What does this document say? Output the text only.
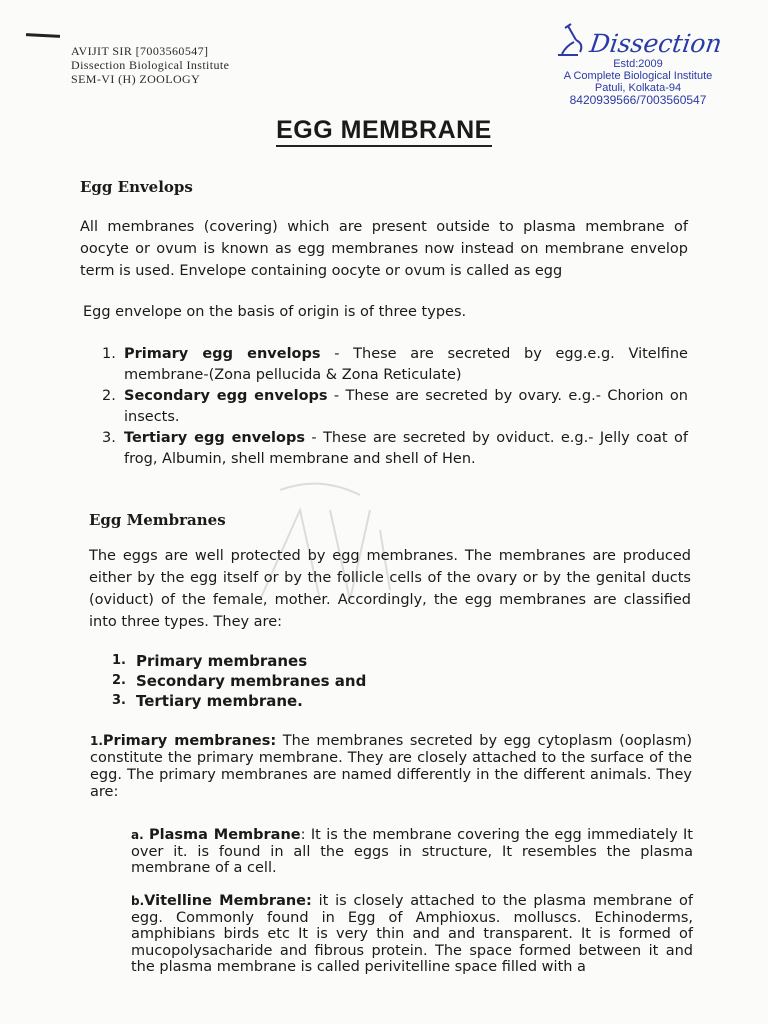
AVIJIT SIR [7003560547]
Dissection Biological Institute
SEM-VI (H) ZOOLOGY
Dissection
Estd:2009
A Complete Biological Institute
Patuli, Kolkata-94
8420939566/7003560547
EGG MEMBRANE
Egg Envelops
All membranes (covering) which are present outside to plasma membrane of oocyte or ovum is known as egg membranes now instead on membrane envelop term is used. Envelope containing oocyte or ovum is called as egg
Egg envelope on the basis of origin is of three types.
1. Primary egg envelops - These are secreted by egg.e.g. Vitelfine membrane-(Zona pellucida & Zona Reticulate)
2. Secondary egg envelops - These are secreted by ovary. e.g.- Chorion on insects.
3. Tertiary egg envelops - These are secreted by oviduct. e.g.- Jelly coat of frog, Albumin, shell membrane and shell of Hen.
Egg Membranes
The eggs are well protected by egg membranes. The membranes are produced either by the egg itself or by the follicle cells of the ovary or by the genital ducts (oviduct) of the female, mother. Accordingly, the egg membranes are classified into three types. They are:
1. Primary membranes
2. Secondary membranes and
3. Tertiary membrane.
1.Primary membranes: The membranes secreted by egg cytoplasm (ooplasm) constitute the primary membrane. They are closely attached to the surface of the egg. The primary membranes are named differently in the different animals. They are:
a. Plasma Membrane: It is the membrane covering the egg immediately It over it. is found in all the eggs in structure, It resembles the plasma membrane of a cell.
b.Vitelline Membrane: it is closely attached to the plasma membrane of egg. Commonly found in Egg of Amphioxus. molluscs. Echinoderms, amphibians birds etc It is very thin and and transparent. It is formed of mucopolysacharide and fibrous protein. The space formed between it and the plasma membrane is called perivitelline space filled with a
